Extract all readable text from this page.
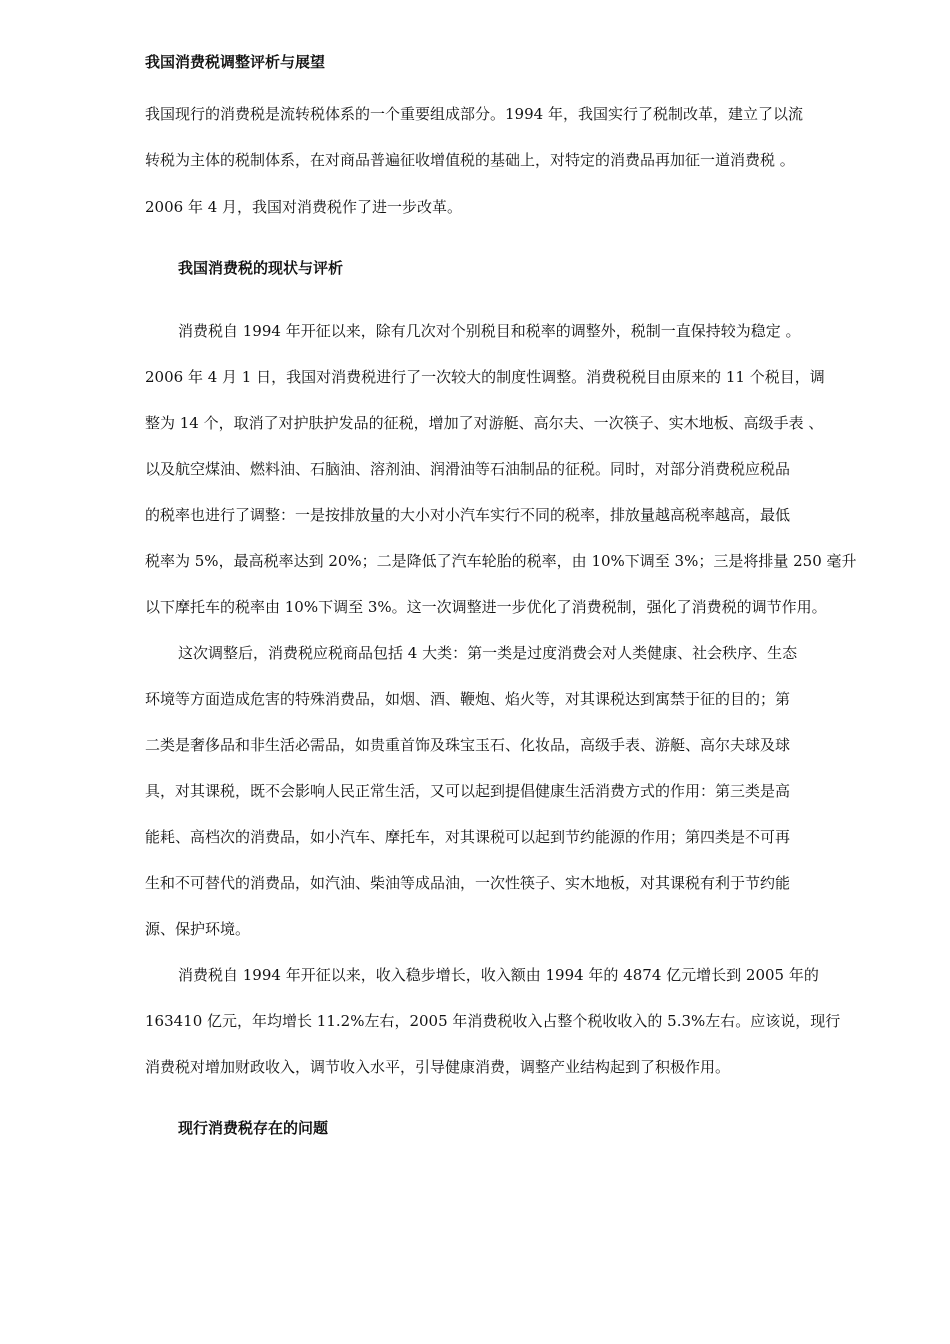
我国消费税调整评析与展望
我国现行的消费税是流转税体系的一个重要组成部分。1994 年，我国实行了税制改革，建立了以流
转税为主体的税制体系，在对商品普遍征收增值税的基础上，对特定的消费品再加征一道消费税 。
2006 年 4 月，我国对消费税作了进一步改革。
我国消费税的现状与评析
消费税自 1994 年开征以来，除有几次对个别税目和税率的调整外，税制一直保持较为稳定 。
2006 年 4 月 1 日，我国对消费税进行了一次较大的制度性调整。消费税税目由原来的 11 个税目，调
整为 14 个，取消了对护肤护发品的征税，增加了对游艇、高尔夫、一次筷子、实木地板、高级手表 、
以及航空煤油、燃料油、石脑油、溶剂油、润滑油等石油制品的征税。同时，对部分消费税应税品
的税率也进行了调整：一是按排放量的大小对小汽车实行不同的税率，排放量越高税率越高，最低
税率为 5%，最高税率达到 20%；二是降低了汽车轮胎的税率，由 10%下调至 3%；三是将排量 250 毫升
以下摩托车的税率由 10%下调至 3%。这一次调整进一步优化了消费税制，强化了消费税的调节作用。
这次调整后，消费税应税商品包括 4 大类：第一类是过度消费会对人类健康、社会秩序、生态
环境等方面造成危害的特殊消费品，如烟、酒、鞭炮、焰火等，对其课税达到寓禁于征的目的；第
二类是奢侈品和非生活必需品，如贵重首饰及珠宝玉石、化妆品，高级手表、游艇、高尔夫球及球
具，对其课税，既不会影响人民正常生活，又可以起到提倡健康生活消费方式的作用：第三类是高
能耗、高档次的消费品，如小汽车、摩托车，对其课税可以起到节约能源的作用；第四类是不可再
生和不可替代的消费品，如汽油、柴油等成品油，一次性筷子、实木地板，对其课税有利于节约能
源、保护环境。
消费税自 1994 年开征以来，收入稳步增长，收入额由 1994 年的 4874 亿元增长到 2005 年的
163410 亿元，年均增长 11.2%左右，2005 年消费税收入占整个税收收入的 5.3%左右。应该说，现行
消费税对增加财政收入，调节收入水平，引导健康消费，调整产业结构起到了积极作用。
现行消费税存在的问题
